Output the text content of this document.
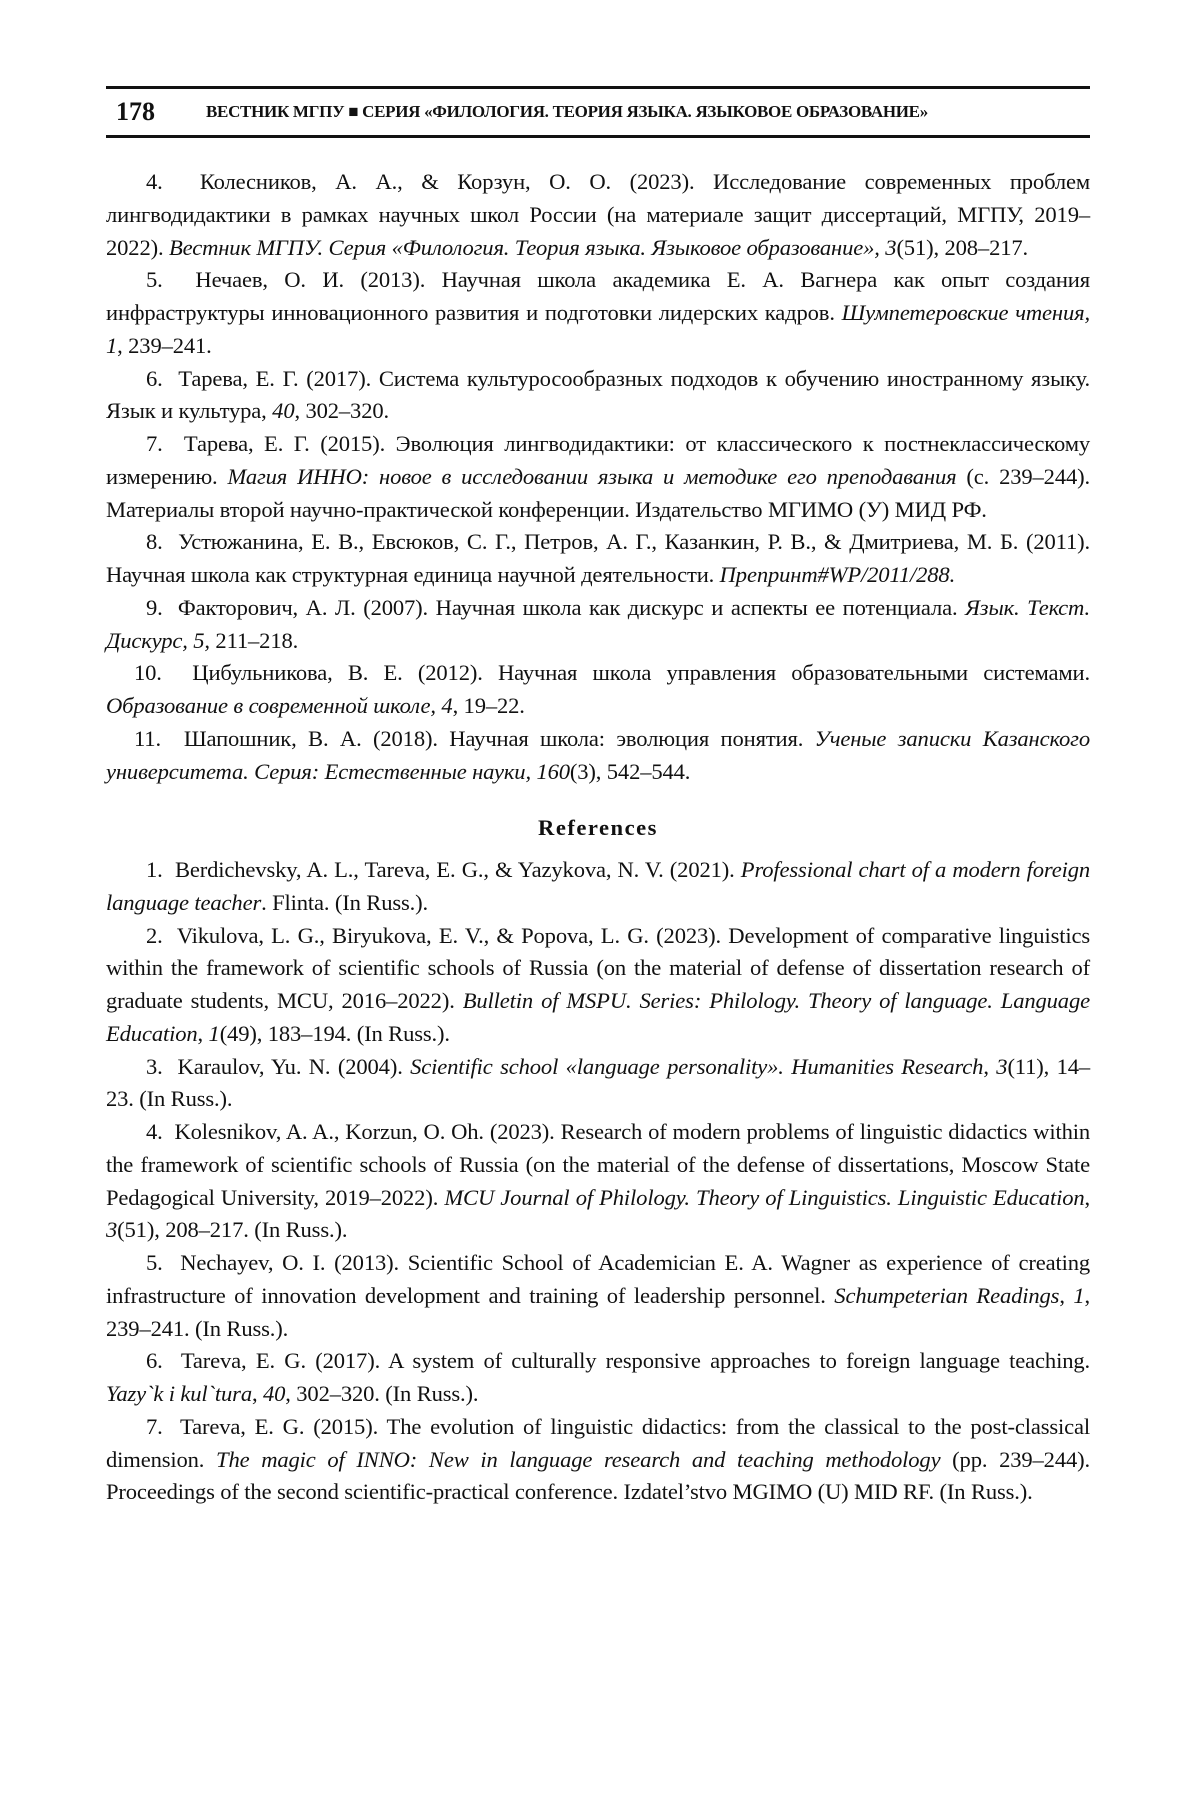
178	ВЕСТНИК МГПУ ■ СЕРИЯ «ФИЛОЛОГИЯ. ТЕОРИЯ ЯЗЫКА. ЯЗЫКОВОЕ ОБРАЗОВАНИЕ»

4. Колесников, А. А., & Корзун, О. О. (2023). Исследование современных проблем лингводидактики в рамках научных школ России (на материале защит диссертаций, МГПУ, 2019–2022). Вестник МГПУ. Серия «Филология. Теория языка. Языковое образование», 3(51), 208–217.

5. Нечаев, О. И. (2013). Научная школа академика Е. А. Вагнера как опыт создания инфраструктуры инновационного развития и подготовки лидерских кадров. Шумпетеровские чтения, 1, 239–241.

6. Тарева, Е. Г. (2017). Система культуросообразных подходов к обучению иностранному языку. Язык и культура, 40, 302–320.

7. Тарева, Е. Г. (2015). Эволюция лингводидактики: от классического к постнеклассическому измерению. Магия ИННО: новое в исследовании языка и методике его преподавания (с. 239–244). Материалы второй научно-практической конференции. Издательство МГИМО (У) МИД РФ.

8. Устюжанина, Е. В., Евсюков, С. Г., Петров, А. Г., Казанкин, Р. В., & Дмитриева, М. Б. (2011). Научная школа как структурная единица научной деятельности. Препринт#WP/2011/288.

9. Факторович, А. Л. (2007). Научная школа как дискурс и аспекты ее потенциала. Язык. Текст. Дискурс, 5, 211–218.

10. Цибульникова, В. Е. (2012). Научная школа управления образовательными системами. Образование в современной школе, 4, 19–22.

11. Шапошник, В. А. (2018). Научная школа: эволюция понятия. Ученые записки Казанского университета. Серия: Естественные науки, 160(3), 542–544.

References

1. Berdichevsky, A. L., Tareva, E. G., & Yazykova, N. V. (2021). Professional chart of a modern foreign language teacher. Flinta. (In Russ.).

2. Vikulova, L. G., Biryukova, E. V., & Popova, L. G. (2023). Development of comparative linguistics within the framework of scientific schools of Russia (on the material of defense of dissertation research of graduate students, MCU, 2016–2022). Bulletin of MSPU. Series: Philology. Theory of language. Language Education, 1(49), 183–194. (In Russ.).

3. Karaulov, Yu. N. (2004). Scientific school «language personality». Humanities Research, 3(11), 14–23. (In Russ.).

4. Kolesnikov, A. A., Korzun, O. Oh. (2023). Research of modern problems of linguistic didactics within the framework of scientific schools of Russia (on the material of the defense of dissertations, Moscow State Pedagogical University, 2019–2022). MCU Journal of Philology. Theory of Linguistics. Linguistic Education, 3(51), 208–217. (In Russ.).

5. Nechayev, O. I. (2013). Scientific School of Academician E. A. Wagner as experience of creating infrastructure of innovation development and training of leadership personnel. Schumpeterian Readings, 1, 239–241. (In Russ.).

6. Tareva, E. G. (2017). A system of culturally responsive approaches to foreign language teaching. Yazy`k i kul`tura, 40, 302–320. (In Russ.).

7. Tareva, E. G. (2015). The evolution of linguistic didactics: from the classical to the post-classical dimension. The magic of INNO: New in language research and teaching methodology (pp. 239–244). Proceedings of the second scientific-practical conference. Izdatel’stvo MGIMO (U) MID RF. (In Russ.).
